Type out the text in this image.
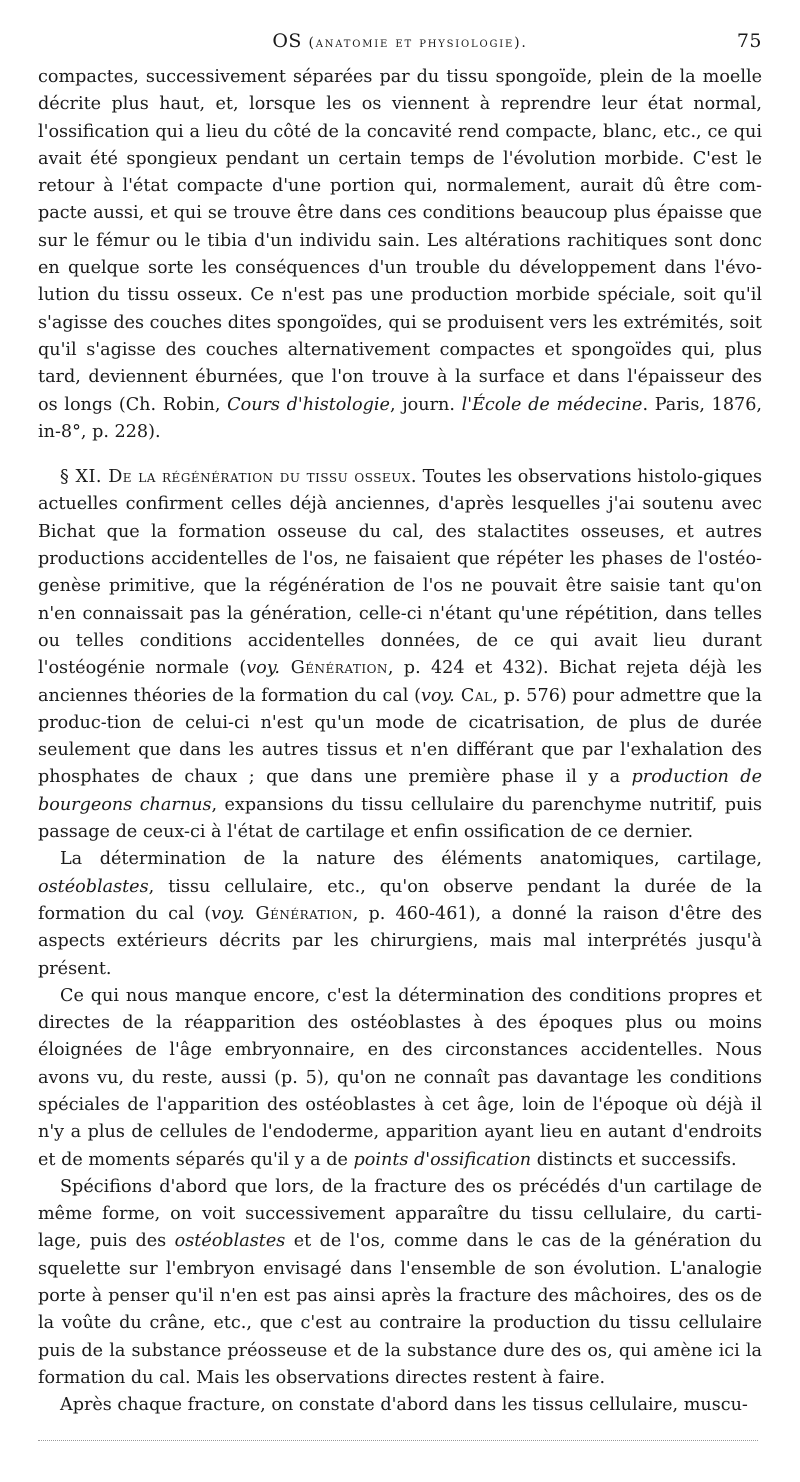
OS (anatomie et physiologie).	75

compactes, successivement séparées par du tissu spongoïde, plein de la moelle décrite plus haut, et, lorsque les os viennent à reprendre leur état normal, l'ossification qui a lieu du côté de la concavité rend compacte, blanc, etc., ce qui avait été spongieux pendant un certain temps de l'évolution morbide. C'est le retour à l'état compacte d'une portion qui, normalement, aurait dû être com-pacte aussi, et qui se trouve être dans ces conditions beaucoup plus épaisse que sur le fémur ou le tibia d'un individu sain. Les altérations rachitiques sont donc en quelque sorte les conséquences d'un trouble du développement dans l'évo-lution du tissu osseux. Ce n'est pas une production morbide spéciale, soit qu'il s'agisse des couches dites spongoïdes, qui se produisent vers les extrémités, soit qu'il s'agisse des couches alternativement compactes et spongoïdes qui, plus tard, deviennent éburnées, que l'on trouve à la surface et dans l'épaisseur des os longs (Ch. Robin, Cours d'histologie, journ. l'École de médecine. Paris, 1876, in-8°, p. 228).

§ XI. De la régénération du tissu osseux. Toutes les observations histolo-giques actuelles confirment celles déjà anciennes, d'après lesquelles j'ai soutenu avec Bichat que la formation osseuse du cal, des stalactites osseuses, et autres productions accidentelles de l'os, ne faisaient que répéter les phases de l'ostéo-genèse primitive, que la régénération de l'os ne pouvait être saisie tant qu'on n'en connaissait pas la génération, celle-ci n'étant qu'une répétition, dans telles ou telles conditions accidentelles données, de ce qui avait lieu durant l'ostéogénie normale (voy. Génération, p. 424 et 432). Bichat rejeta déjà les anciennes théories de la formation du cal (voy. Cal, p. 576) pour admettre que la produc-tion de celui-ci n'est qu'un mode de cicatrisation, de plus de durée seulement que dans les autres tissus et n'en différant que par l'exhalation des phosphates de chaux ; que dans une première phase il y a production de bourgeons charnus, expansions du tissu cellulaire du parenchyme nutritif, puis passage de ceux-ci à l'état de cartilage et enfin ossification de ce dernier.

La détermination de la nature des éléments anatomiques, cartilage, ostéoblastes, tissu cellulaire, etc., qu'on observe pendant la durée de la formation du cal (voy. Génération, p. 460-461), a donné la raison d'être des aspects extérieurs décrits par les chirurgiens, mais mal interprétés jusqu'à présent.

Ce qui nous manque encore, c'est la détermination des conditions propres et directes de la réapparition des ostéoblastes à des époques plus ou moins éloignées de l'âge embryonnaire, en des circonstances accidentelles. Nous avons vu, du reste, aussi (p. 5), qu'on ne connaît pas davantage les conditions spéciales de l'apparition des ostéoblastes à cet âge, loin de l'époque où déjà il n'y a plus de cellules de l'endoderme, apparition ayant lieu en autant d'endroits et de moments séparés qu'il y a de points d'ossification distincts et successifs.

Spécifions d'abord que lors, de la fracture des os précédés d'un cartilage de même forme, on voit successivement apparaître du tissu cellulaire, du carti-lage, puis des ostéoblastes et de l'os, comme dans le cas de la génération du squelette sur l'embryon envisagé dans l'ensemble de son évolution. L'analogie porte à penser qu'il n'en est pas ainsi après la fracture des mâchoires, des os de la voûte du crâne, etc., que c'est au contraire la production du tissu cellulaire puis de la substance préosseuse et de la substance dure des os, qui amène ici la formation du cal. Mais les observations directes restent à faire.

Après chaque fracture, on constate d'abord dans les tissus cellulaire, muscu-
